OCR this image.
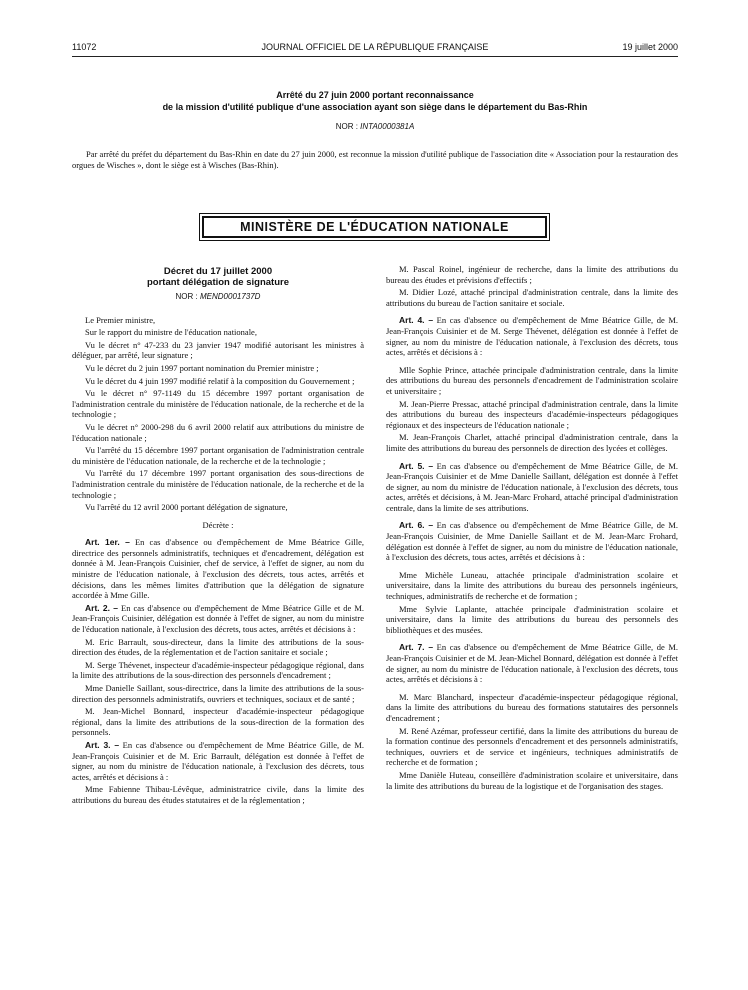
11072	JOURNAL OFFICIEL DE LA RÉPUBLIQUE FRANÇAISE	19 juillet 2000
Arrêté du 27 juin 2000 portant reconnaissance
de la mission d'utilité publique d'une association ayant son siège dans le département du Bas-Rhin
NOR : INTA0000381A
Par arrêté du préfet du département du Bas-Rhin en date du 27 juin 2000, est reconnue la mission d'utilité publique de l'association dite « Association pour la restauration des orgues de Wisches », dont le siège est à Wisches (Bas-Rhin).
MINISTÈRE DE L'ÉDUCATION NATIONALE
Décret du 17 juillet 2000
portant délégation de signature
NOR : MEND0001737D

Le Premier ministre,

Sur le rapport du ministre de l'éducation nationale,

Vu le décret n° 47-233 du 23 janvier 1947 modifié autorisant les ministres à déléguer, par arrêté, leur signature ;

Vu le décret du 2 juin 1997 portant nomination du Premier ministre ;

Vu le décret du 4 juin 1997 modifié relatif à la composition du Gouvernement ;

Vu le décret n° 97-1149 du 15 décembre 1997 portant organisation de l'administration centrale du ministère de l'éducation nationale, de la recherche et de la technologie ;

Vu le décret n° 2000-298 du 6 avril 2000 relatif aux attributions du ministre de l'éducation nationale ;

Vu l'arrêté du 15 décembre 1997 portant organisation de l'administration centrale du ministère de l'éducation nationale, de la recherche et de la technologie ;

Vu l'arrêté du 17 décembre 1997 portant organisation des sous-directions de l'administration centrale du ministère de l'éducation nationale, de la recherche et de la technologie ;

Vu l'arrêté du 12 avril 2000 portant délégation de signature,

Décrète :

Art. 1er. – En cas d'absence ou d'empêchement de Mme Béatrice Gille, directrice des personnels administratifs, techniques et d'encadrement, délégation est donnée à M. Jean-François Cuisinier, chef de service, à l'effet de signer, au nom du ministre de l'éducation nationale, à l'exclusion des décrets, tous actes, arrêtés et décisions, dans les mêmes limites d'attribution que la délégation de signature accordée à Mme Gille.

Art. 2. – En cas d'absence ou d'empêchement de Mme Béatrice Gille et de M. Jean-François Cuisinier, délégation est donnée à l'effet de signer, au nom du ministre de l'éducation nationale, à l'exclusion des décrets, tous actes, arrêtés et décisions à :

M. Eric Barrault, sous-directeur, dans la limite des attributions de la sous-direction des études, de la réglementation et de l'action sanitaire et sociale ;

M. Serge Thévenet, inspecteur d'académie-inspecteur pédagogique régional, dans la limite des attributions de la sous-direction des personnels d'encadrement ;

Mme Danielle Saillant, sous-directrice, dans la limite des attributions de la sous-direction des personnels administratifs, ouvriers et techniques, sociaux et de santé ;

M. Jean-Michel Bonnard, inspecteur d'académie-inspecteur pédagogique régional, dans la limite des attributions de la sous-direction de la formation des personnels.

Art. 3. – En cas d'absence ou d'empêchement de Mme Béatrice Gille, de M. Jean-François Cuisinier et de M. Eric Barrault, délégation est donnée à l'effet de signer, au nom du ministre de l'éducation nationale, à l'exclusion des décrets, tous actes, arrêtés et décisions à :

Mme Fabienne Thibau-Lévêque, administratrice civile, dans la limite des attributions du bureau des études statutaires et de la réglementation ;

M. Pascal Roinel, ingénieur de recherche, dans la limite des attributions du bureau des études et prévisions d'effectifs ;

M. Didier Lozé, attaché principal d'administration centrale, dans la limite des attributions du bureau de l'action sanitaire et sociale.

Art. 4. – En cas d'absence ou d'empêchement de Mme Béatrice Gille, de M. Jean-François Cuisinier et de M. Serge Thévenet, délégation est donnée à l'effet de signer, au nom du ministre de l'éducation nationale, à l'exclusion des décrets, tous actes, arrêtés et décisions à :

Mlle Sophie Prince, attachée principale d'administration centrale, dans la limite des attributions du bureau des personnels d'encadrement de l'administration scolaire et universitaire ;

M. Jean-Pierre Pressac, attaché principal d'administration centrale, dans la limite des attributions du bureau des inspecteurs d'académie-inspecteurs pédagogiques régionaux et des inspecteurs de l'éducation nationale ;

M. Jean-François Charlet, attaché principal d'administration centrale, dans la limite des attributions du bureau des personnels de direction des lycées et collèges.

Art. 5. – En cas d'absence ou d'empêchement de Mme Béatrice Gille, de M. Jean-François Cuisinier et de Mme Danielle Saillant, délégation est donnée à l'effet de signer, au nom du ministre de l'éducation nationale, à l'exclusion des décrets, tous actes, arrêtés et décisions, à M. Jean-Marc Frohard, attaché principal d'administration centrale, dans la limite de ses attributions.

Art. 6. – En cas d'absence ou d'empêchement de Mme Béatrice Gille, de M. Jean-François Cuisinier, de Mme Danielle Saillant et de M. Jean-Marc Frohard, délégation est donnée à l'effet de signer, au nom du ministre de l'éducation nationale, à l'exclusion des décrets, tous actes, arrêtés et décisions à :

Mme Michèle Luneau, attachée principale d'administration scolaire et universitaire, dans la limite des attributions du bureau des personnels ingénieurs, techniques, administratifs de recherche et de formation ;

Mme Sylvie Laplante, attachée principale d'administration scolaire et universitaire, dans la limite des attributions du bureau des personnels des bibliothèques et des musées.

Art. 7. – En cas d'absence ou d'empêchement de Mme Béatrice Gille, de M. Jean-François Cuisinier et de M. Jean-Michel Bonnard, délégation est donnée à l'effet de signer, au nom du ministre de l'éducation nationale, à l'exclusion des décrets, tous actes, arrêtés et décisions à :

M. Marc Blanchard, inspecteur d'académie-inspecteur pédagogique régional, dans la limite des attributions du bureau des formations statutaires des personnels d'encadrement ;

M. René Azémar, professeur certifié, dans la limite des attributions du bureau de la formation continue des personnels d'encadrement et des personnels administratifs, techniques, ouvriers et de service et ingénieurs, techniques administratifs de recherche et de formation ;

Mme Danièle Huteau, conseillère d'administration scolaire et universitaire, dans la limite des attributions du bureau de la logistique et de l'organisation des stages.
